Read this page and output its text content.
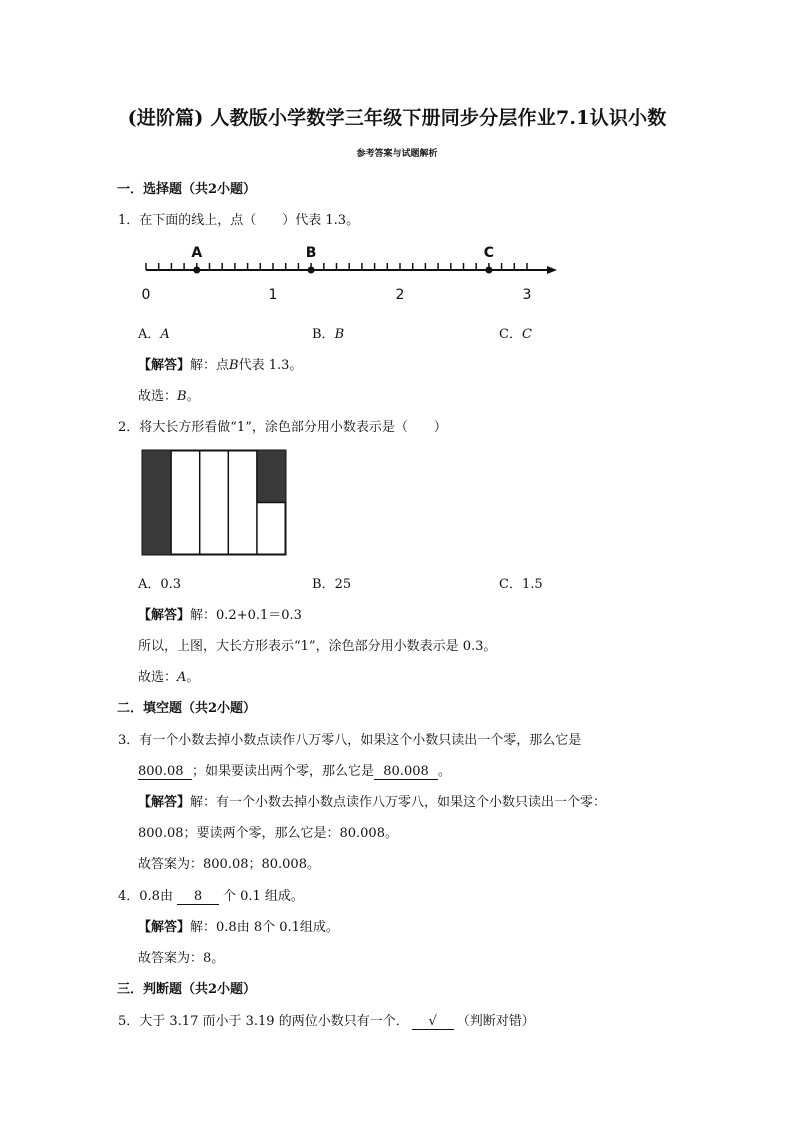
(进阶篇) 人教版小学数学三年级下册同步分层作业7.1认识小数
参考答案与试题解析
一．选择题（共2小题）
1．在下面的线上，点（　　）代表 1.3。
0	1	2	3
A	B	C
A．A	B．B	C．C
【解答】解：点B代表 1.3。
故选：B。
2．将大长方形看做“1”，涂色部分用小数表示是（　　）
A．0.3	B．25	C．1.5
【解答】解：0.2+0.1＝0.3
所以，上图，大长方形表示“1”，涂色部分用小数表示是 0.3。
故选：A。
二．填空题（共2小题）
3．有一个小数去掉小数点读作八万零八，如果这个小数只读出一个零，那么它是
800.08 ；如果要读出两个零，那么它是 80.008 。
【解答】解：有一个小数去掉小数点读作八万零八，如果这个小数只读出一个零：
800.08；要读两个零，那么它是：80.008。
故答案为：800.08；80.008。
4．0.8由 8 个 0.1 组成。
【解答】解：0.8由 8个 0.1组成。
故答案为：8。
三．判断题（共2小题）
5．大于 3.17 而小于 3.19 的两位小数只有一个． √ （判断对错）
